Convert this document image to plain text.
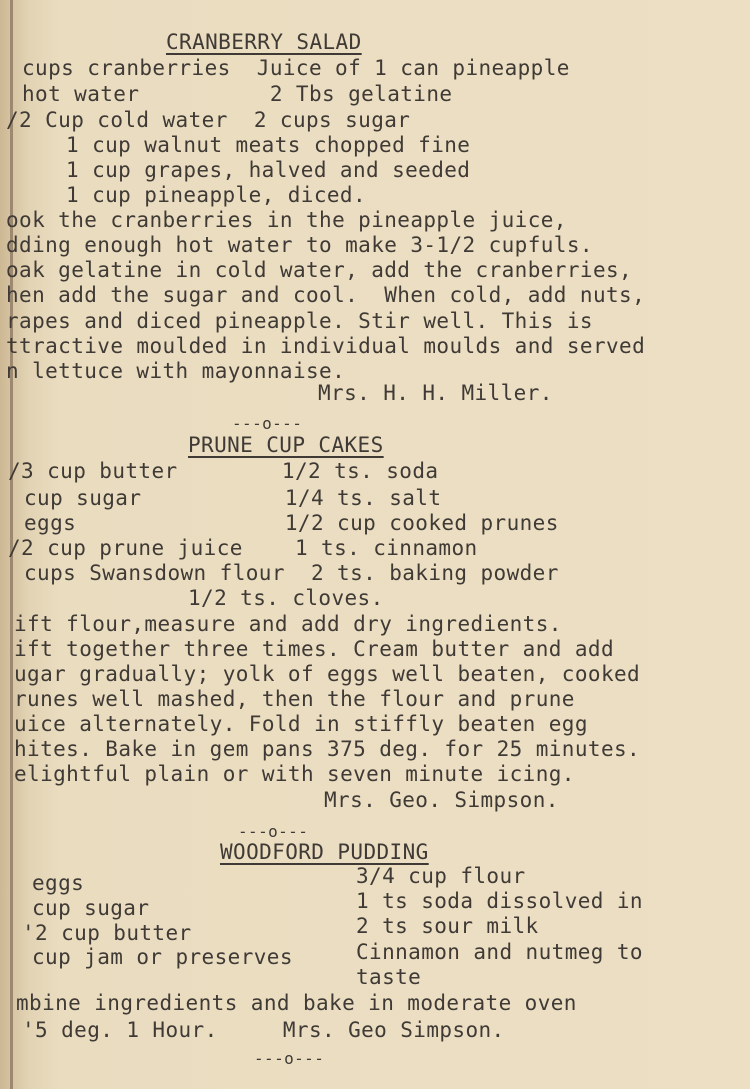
CRANBERRY SALAD
cups cranberries  Juice of 1 can pineapple
hot water          2 Tbs gelatine
/2 Cup cold water  2 cups sugar
1 cup walnut meats chopped fine
1 cup grapes, halved and seeded
1 cup pineapple, diced.
ook the cranberries in the pineapple juice,
dding enough hot water to make 3-1/2 cupfuls.
oak gelatine in cold water, add the cranberries,
hen add the sugar and cool.  When cold, add nuts,
rapes and diced pineapple. Stir well. This is
ttractive moulded in individual moulds and served
n lettuce with mayonnaise.
Mrs. H. H. Miller.
---o---
PRUNE CUP CAKES
/3 cup butter        1/2 ts. soda
cup sugar           1/4 ts. salt
eggs                1/2 cup cooked prunes
/2 cup prune juice    1 ts. cinnamon
cups Swansdown flour  2 ts. baking powder
1/2 ts. cloves.
ift flour,measure and add dry ingredients.
ift together three times. Cream butter and add
ugar gradually; yolk of eggs well beaten, cooked
runes well mashed, then the flour and prune
uice alternately. Fold in stiffly beaten egg
hites. Bake in gem pans 375 deg. for 25 minutes.
elightful plain or with seven minute icing.
Mrs. Geo. Simpson.
---o---
WOODFORD PUDDING
3/4 cup flour
eggs
1 ts soda dissolved in
cup sugar
2 ts sour milk
'2 cup butter
cup jam or preserves	Cinnamon and nutmeg to
taste
mbine ingredients and bake in moderate oven
'5 deg. 1 Hour.     Mrs. Geo Simpson.
---o---
